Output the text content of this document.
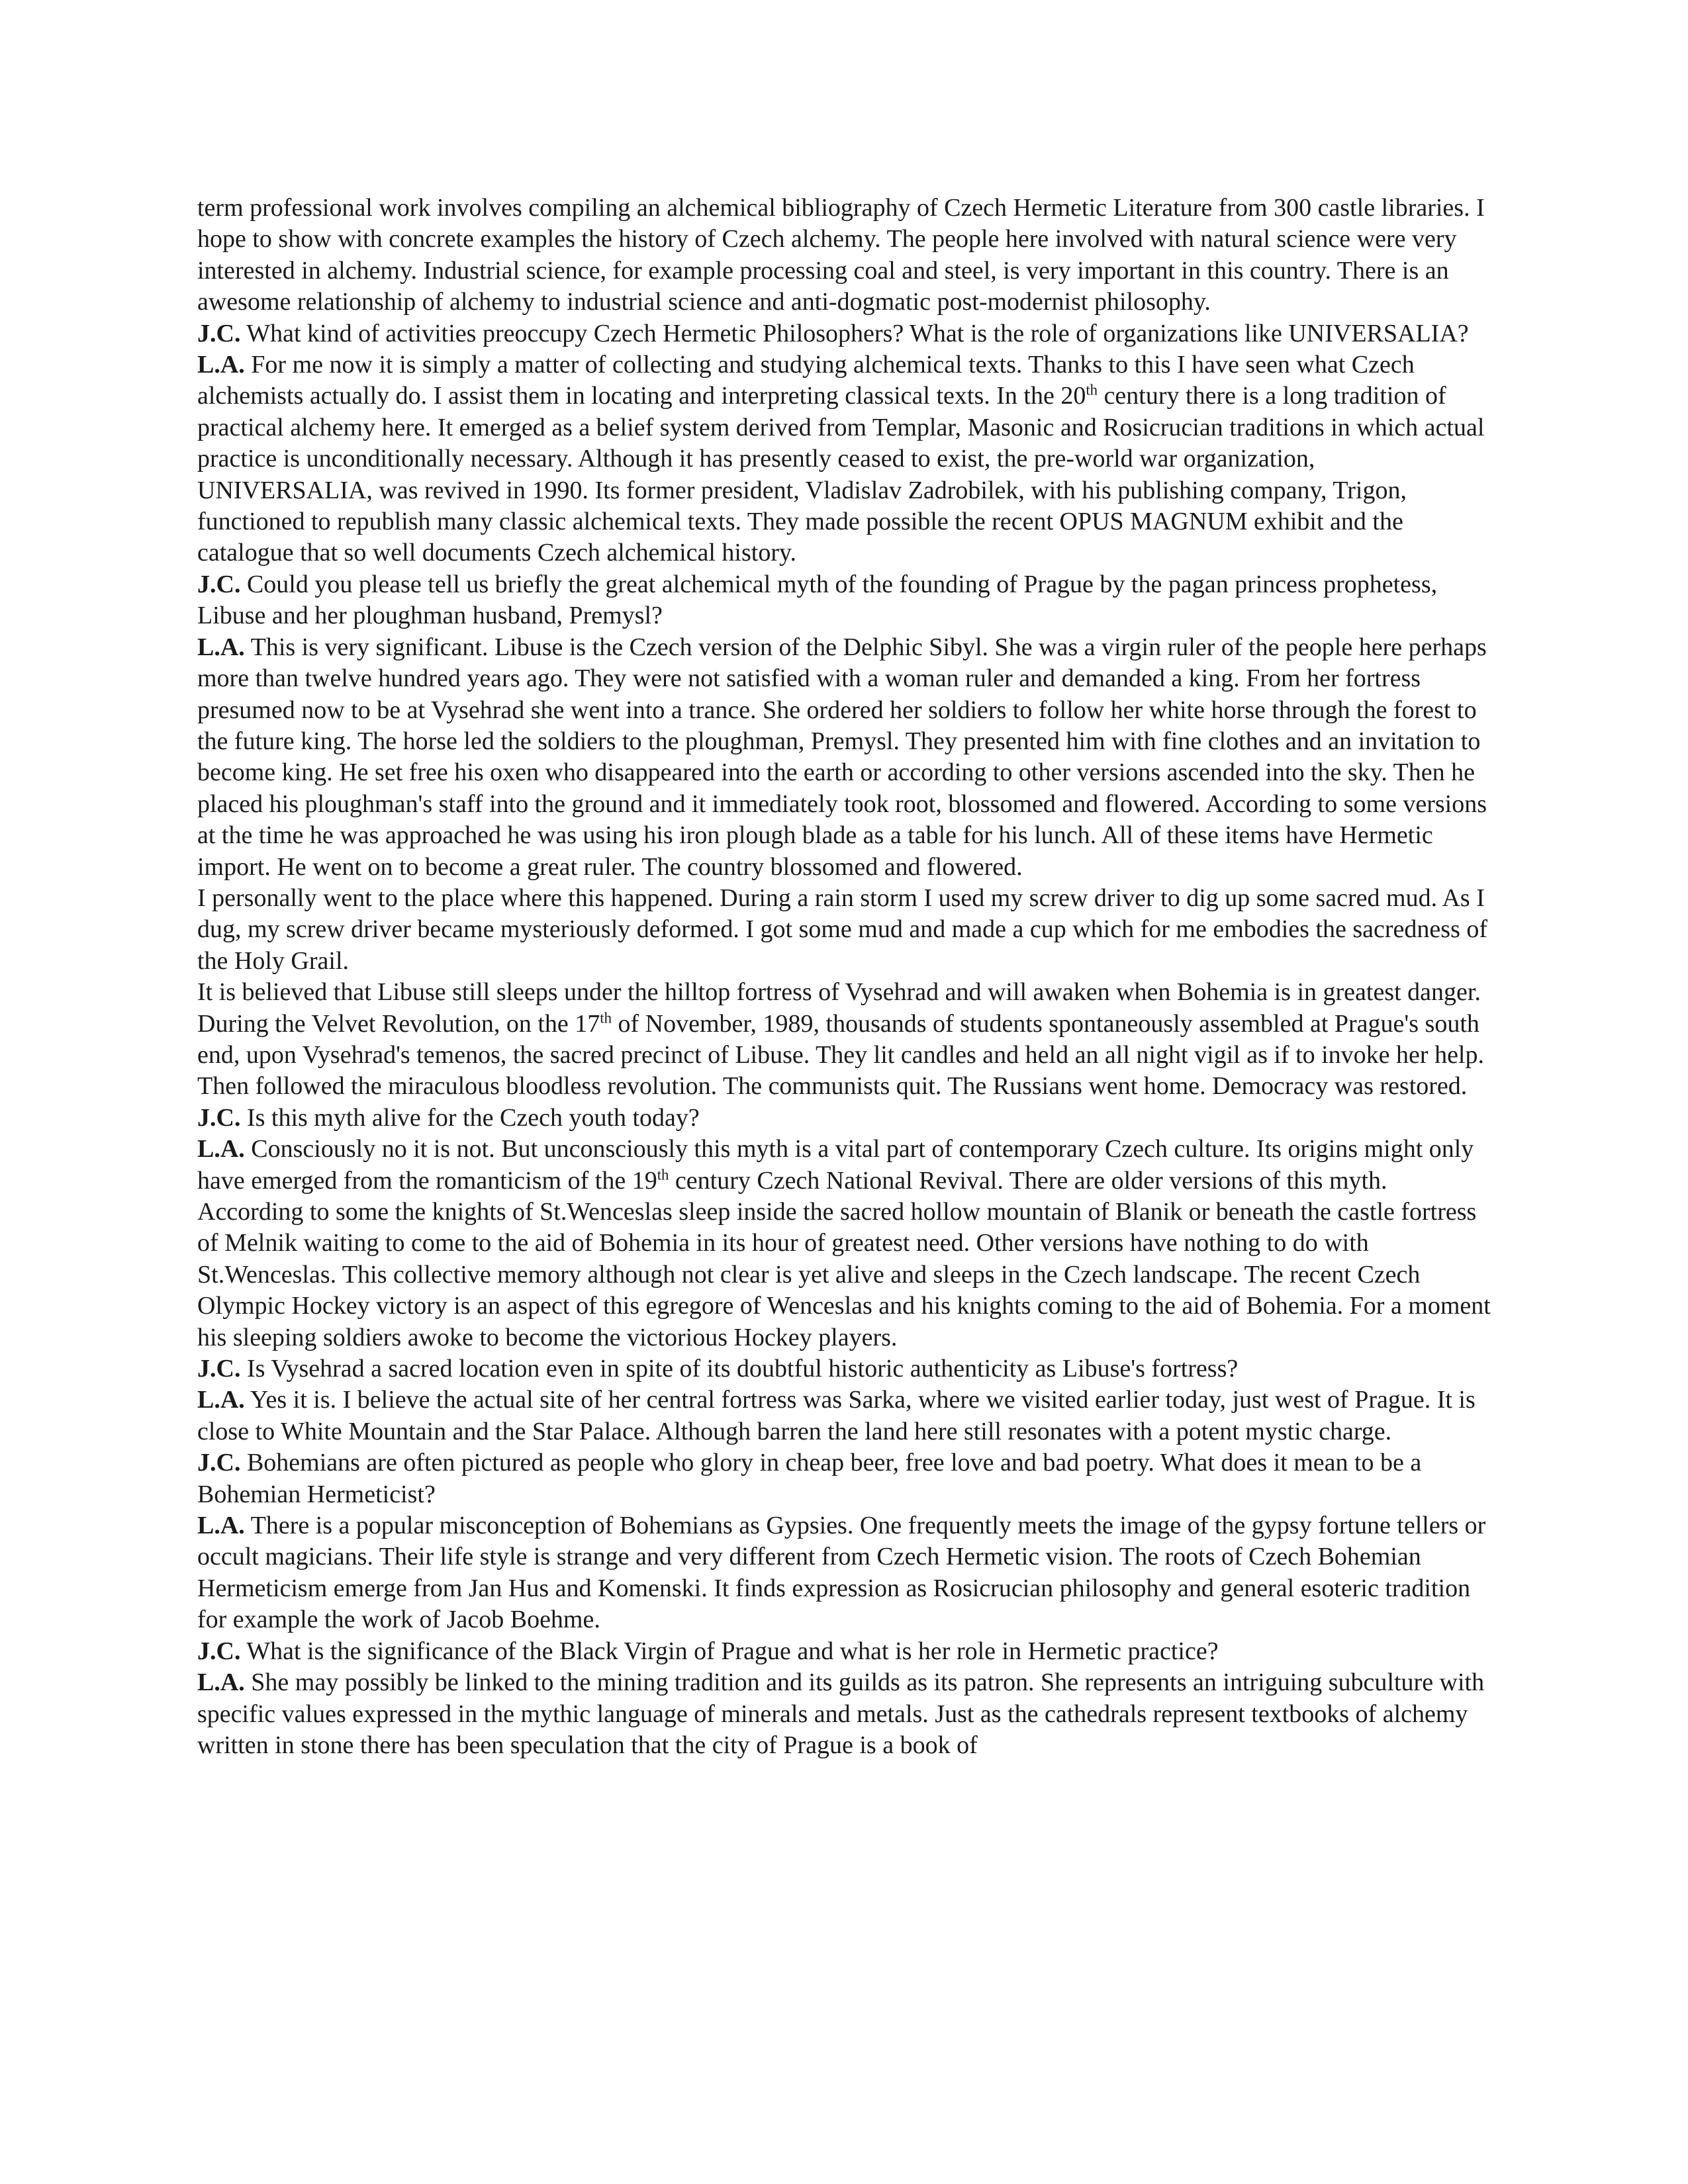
term professional work involves compiling an alchemical bibliography of Czech Hermetic Literature from 300 castle libraries. I hope to show with concrete examples the history of Czech alchemy. The people here involved with natural science were very interested in alchemy. Industrial science, for example processing coal and steel, is very important in this country. There is an awesome relationship of alchemy to industrial science and anti-dogmatic post-modernist philosophy.

J.C. What kind of activities preoccupy Czech Hermetic Philosophers? What is the role of organizations like UNIVERSALIA?

L.A. For me now it is simply a matter of collecting and studying alchemical texts. Thanks to this I have seen what Czech alchemists actually do. I assist them in locating and interpreting classical texts. In the 20th century there is a long tradition of practical alchemy here. It emerged as a belief system derived from Templar, Masonic and Rosicrucian traditions in which actual practice is unconditionally necessary. Although it has presently ceased to exist, the pre-world war organization, UNIVERSALIA, was revived in 1990. Its former president, Vladislav Zadrobilek, with his publishing company, Trigon, functioned to republish many classic alchemical texts. They made possible the recent OPUS MAGNUM exhibit and the catalogue that so well documents Czech alchemical history.

J.C. Could you please tell us briefly the great alchemical myth of the founding of Prague by the pagan princess prophetess, Libuse and her ploughman husband, Premysl?

L.A. This is very significant. Libuse is the Czech version of the Delphic Sibyl. She was a virgin ruler of the people here perhaps more than twelve hundred years ago. They were not satisfied with a woman ruler and demanded a king. From her fortress presumed now to be at Vysehrad she went into a trance. She ordered her soldiers to follow her white horse through the forest to the future king. The horse led the soldiers to the ploughman, Premysl. They presented him with fine clothes and an invitation to become king. He set free his oxen who disappeared into the earth or according to other versions ascended into the sky. Then he placed his ploughman's staff into the ground and it immediately took root, blossomed and flowered. According to some versions at the time he was approached he was using his iron plough blade as a table for his lunch. All of these items have Hermetic import. He went on to become a great ruler. The country blossomed and flowered.

I personally went to the place where this happened. During a rain storm I used my screw driver to dig up some sacred mud. As I dug, my screw driver became mysteriously deformed. I got some mud and made a cup which for me embodies the sacredness of the Holy Grail.

It is believed that Libuse still sleeps under the hilltop fortress of Vysehrad and will awaken when Bohemia is in greatest danger. During the Velvet Revolution, on the 17th of November, 1989, thousands of students spontaneously assembled at Prague's south end, upon Vysehrad's temenos, the sacred precinct of Libuse. They lit candles and held an all night vigil as if to invoke her help. Then followed the miraculous bloodless revolution. The communists quit. The Russians went home. Democracy was restored.

J.C. Is this myth alive for the Czech youth today?

L.A. Consciously no it is not. But unconsciously this myth is a vital part of contemporary Czech culture. Its origins might only have emerged from the romanticism of the 19th century Czech National Revival. There are older versions of this myth. According to some the knights of St.Wenceslas sleep inside the sacred hollow mountain of Blanik or beneath the castle fortress of Melnik waiting to come to the aid of Bohemia in its hour of greatest need. Other versions have nothing to do with St.Wenceslas. This collective memory although not clear is yet alive and sleeps in the Czech landscape. The recent Czech Olympic Hockey victory is an aspect of this egregore of Wenceslas and his knights coming to the aid of Bohemia. For a moment his sleeping soldiers awoke to become the victorious Hockey players.

J.C. Is Vysehrad a sacred location even in spite of its doubtful historic authenticity as Libuse's fortress?

L.A. Yes it is. I believe the actual site of her central fortress was Sarka, where we visited earlier today, just west of Prague. It is close to White Mountain and the Star Palace. Although barren the land here still resonates with a potent mystic charge.

J.C. Bohemians are often pictured as people who glory in cheap beer, free love and bad poetry. What does it mean to be a Bohemian Hermeticist?

L.A. There is a popular misconception of Bohemians as Gypsies. One frequently meets the image of the gypsy fortune tellers or occult magicians. Their life style is strange and very different from Czech Hermetic vision. The roots of Czech Bohemian Hermeticism emerge from Jan Hus and Komenski. It finds expression as Rosicrucian philosophy and general esoteric tradition for example the work of Jacob Boehme.

J.C. What is the significance of the Black Virgin of Prague and what is her role in Hermetic practice?

L.A. She may possibly be linked to the mining tradition and its guilds as its patron. She represents an intriguing subculture with specific values expressed in the mythic language of minerals and metals. Just as the cathedrals represent textbooks of alchemy written in stone there has been speculation that the city of Prague is a book of
